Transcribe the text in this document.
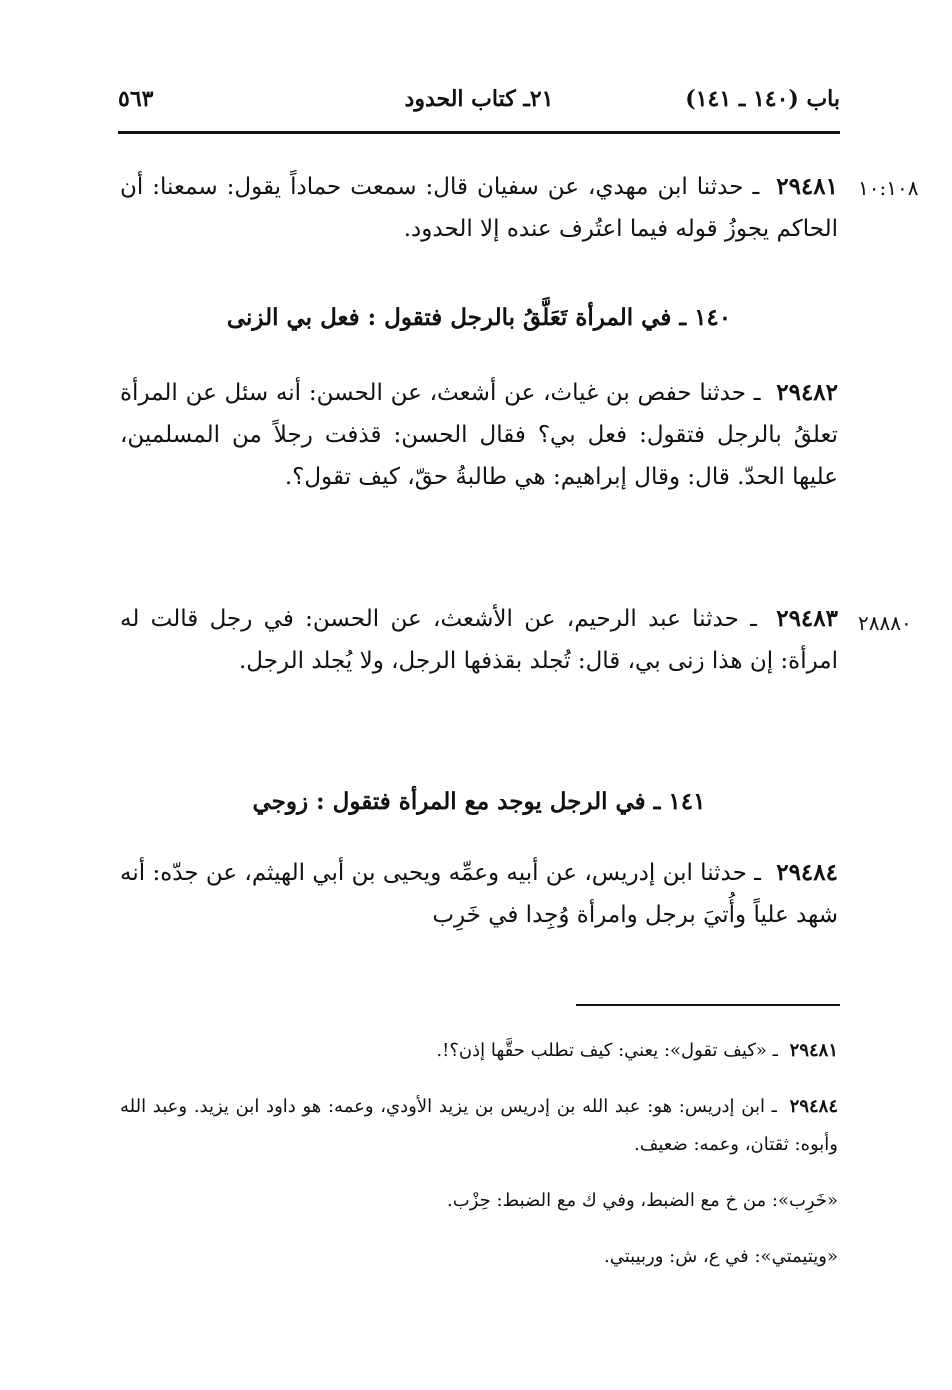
باب (١٤٠ ـ ١٤١)
٢١ـ كتاب الحدود
٥٦٣
١٠:١٠٨
٢٩٤٨١ ـ حدثنا ابن مهدي، عن سفيان قال: سمعت حماداً يقول: سمعنا: أن الحاكم يجوزُ قوله فيما اعتُرف عنده إلا الحدود.
١٤٠ ـ في المرأة تَعَلَّقُ بالرجل فتقول : فعل بي الزنى
٢٩٤٨٢ ـ حدثنا حفص بن غياث، عن أشعث، عن الحسن: أنه سئل عن المرأة تعلقُ بالرجل فتقول: فعل بي؟ فقال الحسن: قذفت رجلاً من المسلمين، عليها الحدّ. قال: وقال إبراهيم: هي طالبةُ حقّ، كيف تقول؟.
٢٨٨٨٠
٢٩٤٨٣ ـ حدثنا عبد الرحيم، عن الأشعث، عن الحسن: في رجل قالت له امرأة: إن هذا زنى بي، قال: تُجلد بقذفها الرجل، ولا يُجلد الرجل.
١٤١ ـ في الرجل يوجد مع المرأة فتقول : زوجي
٢٩٤٨٤ ـ حدثنا ابن إدريس، عن أبيه وعمِّه ويحيى بن أبي الهيثم، عن جدّه: أنه شهد علياً وأُتيَ برجل وامرأة وُجِدا في خَرِب
٢٩٤٨١ ـ «كيف تقول»: يعني: كيف تطلب حقَّها إذن؟!.
٢٩٤٨٤ ـ ابن إدريس: هو: عبد الله بن إدريس بن يزيد الأودي، وعمه: هو داود ابن يزيد. وعبد الله وأبوه: ثقتان، وعمه: ضعيف.
«خَرِب»: من خ مع الضبط، وفي ك مع الضبط: حِزْب.
«ويتيمتي»: في ع، ش: وربيبتي.
